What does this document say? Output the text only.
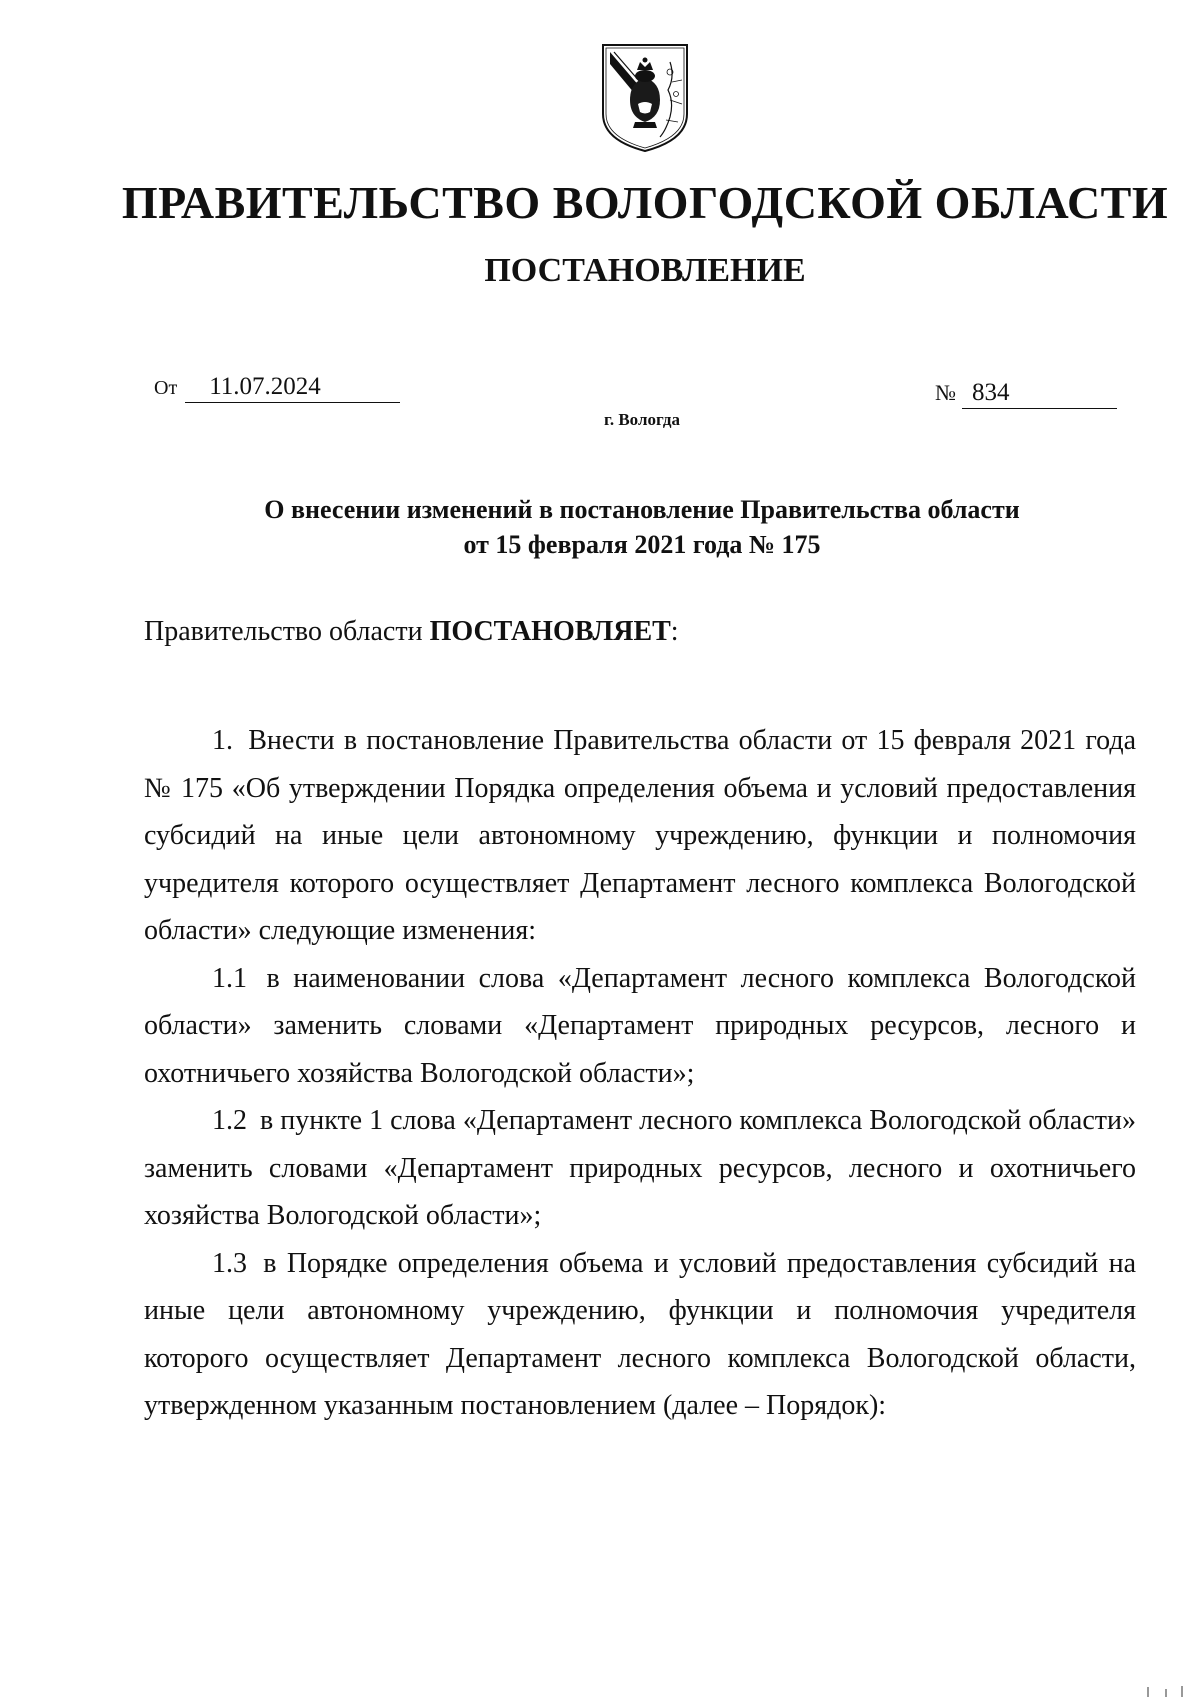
ПРАВИТЕЛЬСТВО ВОЛОГОДСКОЙ ОБЛАСТИ
ПОСТАНОВЛЕНИЕ
От 11.07.2024	№ 834
г. Вологда
О внесении изменений в постановление Правительства области
от 15 февраля 2021 года № 175
Правительство области ПОСТАНОВЛЯЕТ:

1. Внести в постановление Правительства области от 15 февраля 2021 года № 175 «Об утверждении Порядка определения объема и условий предоставления субсидий на иные цели автономному учреждению, функции и полномочия учредителя которого осуществляет Департамент лесного комплекса Вологодской области» следующие изменения:

1.1 в наименовании слова «Департамент лесного комплекса Вологодской области» заменить словами «Департамент природных ресурсов, лесного и охотничьего хозяйства Вологодской области»;

1.2 в пункте 1 слова «Департамент лесного комплекса Вологодской области» заменить словами «Департамент природных ресурсов, лесного и охотничьего хозяйства Вологодской области»;

1.3 в Порядке определения объема и условий предоставления субсидий на иные цели автономному учреждению, функции и полномочия учредителя которого осуществляет Департамент лесного комплекса Вологодской области, утвержденном указанным постановлением (далее – Порядок):
